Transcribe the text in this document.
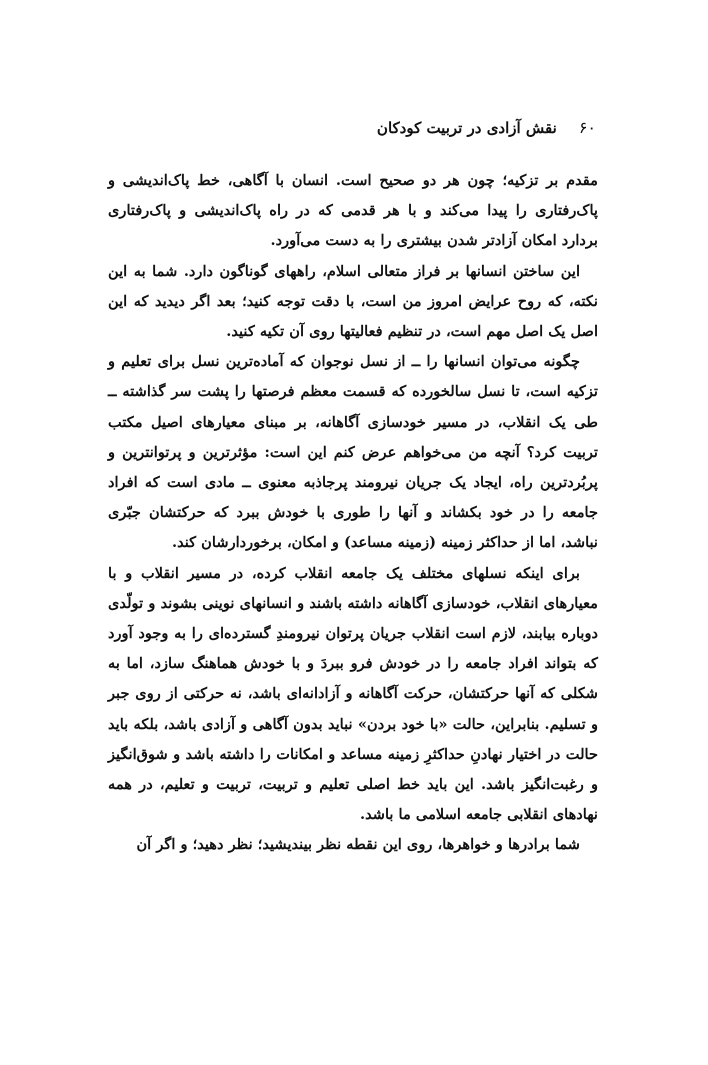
۶۰
نقش آزادی در تربیت کودکان

مقدم بر تزکیه؛ چون هر دو صحیح است. انسان با آگاهی، خط پاک‌اندیشی و پاک‌رفتاری را پیدا می‌کند و با هر قدمی که در راه پاک‌اندیشی و پاک‌رفتاری بردارد امکان آزادتر شدن بیشتری را به دست می‌آورد.

این ساختن انسانها بر فراز متعالی اسلام، راههای گوناگون دارد. شما به این نکته، که روح عرایض امروز من است، با دقت توجه کنید؛ بعد اگر دیدید که این اصل یک اصل مهم است، در تنظیم فعالیتها روی آن تکیه کنید.

چگونه می‌توان انسانها را ــ از نسل نوجوان که آماده‌ترین نسل برای تعلیم و تزکیه است، تا نسل سالخورده که قسمت معظم فرصتها را پشت سر گذاشته ــ طی یک انقلاب، در مسیر خودسازی آگاهانه، بر مبنای معیارهای اصیل مکتب تربیت کرد؟ آنچه من می‌خواهم عرض کنم این است: مؤثرترین و پرتوانترین و پربُردترین راه، ایجاد یک جریان نیرومند پرجاذبه معنوی ــ مادی است که افراد جامعه را در خود بکشاند و آنها را طوری با خودش ببرد که حرکتشان جبّری نباشد، اما از حداکثر زمینه (زمینه مساعد) و امکان، برخوردارشان کند.

برای اینکه نسلهای مختلف یک جامعه انقلاب کرده، در مسیر انقلاب و با معیارهای انقلاب، خودسازی آگاهانه داشته باشند و انسانهای نوینی بشوند و تولّدی دوباره بیابند، لازم است انقلاب جریان پرتوان نیرومندِ گسترده‌ای را به وجود آورد که بتواند افراد جامعه را در خودش فرو ببردَ و با خودش هماهنگ سازد، اما به شکلی که آنها حرکتشان، حرکت آگاهانه و آزادانه‌ای باشد، نه حرکتی از روی جبر و تسلیم. بنابراین، حالت «با خود بردن» نباید بدون آگاهی و آزادی باشد، بلکه باید حالت در اختیار نهادنِ حداکثرِ زمینه مساعد و امکانات را داشته باشد و شوق‌انگیز و رغبت‌انگیز باشد. این باید خط اصلی تعلیم و تربیت، تربیت و تعلیم، در همه نهادهای انقلابی جامعه اسلامی ما باشد.

شما برادرها و خواهرها، روی این نقطه نظر بیندیشید؛ نظر دهید؛ و اگر آن
